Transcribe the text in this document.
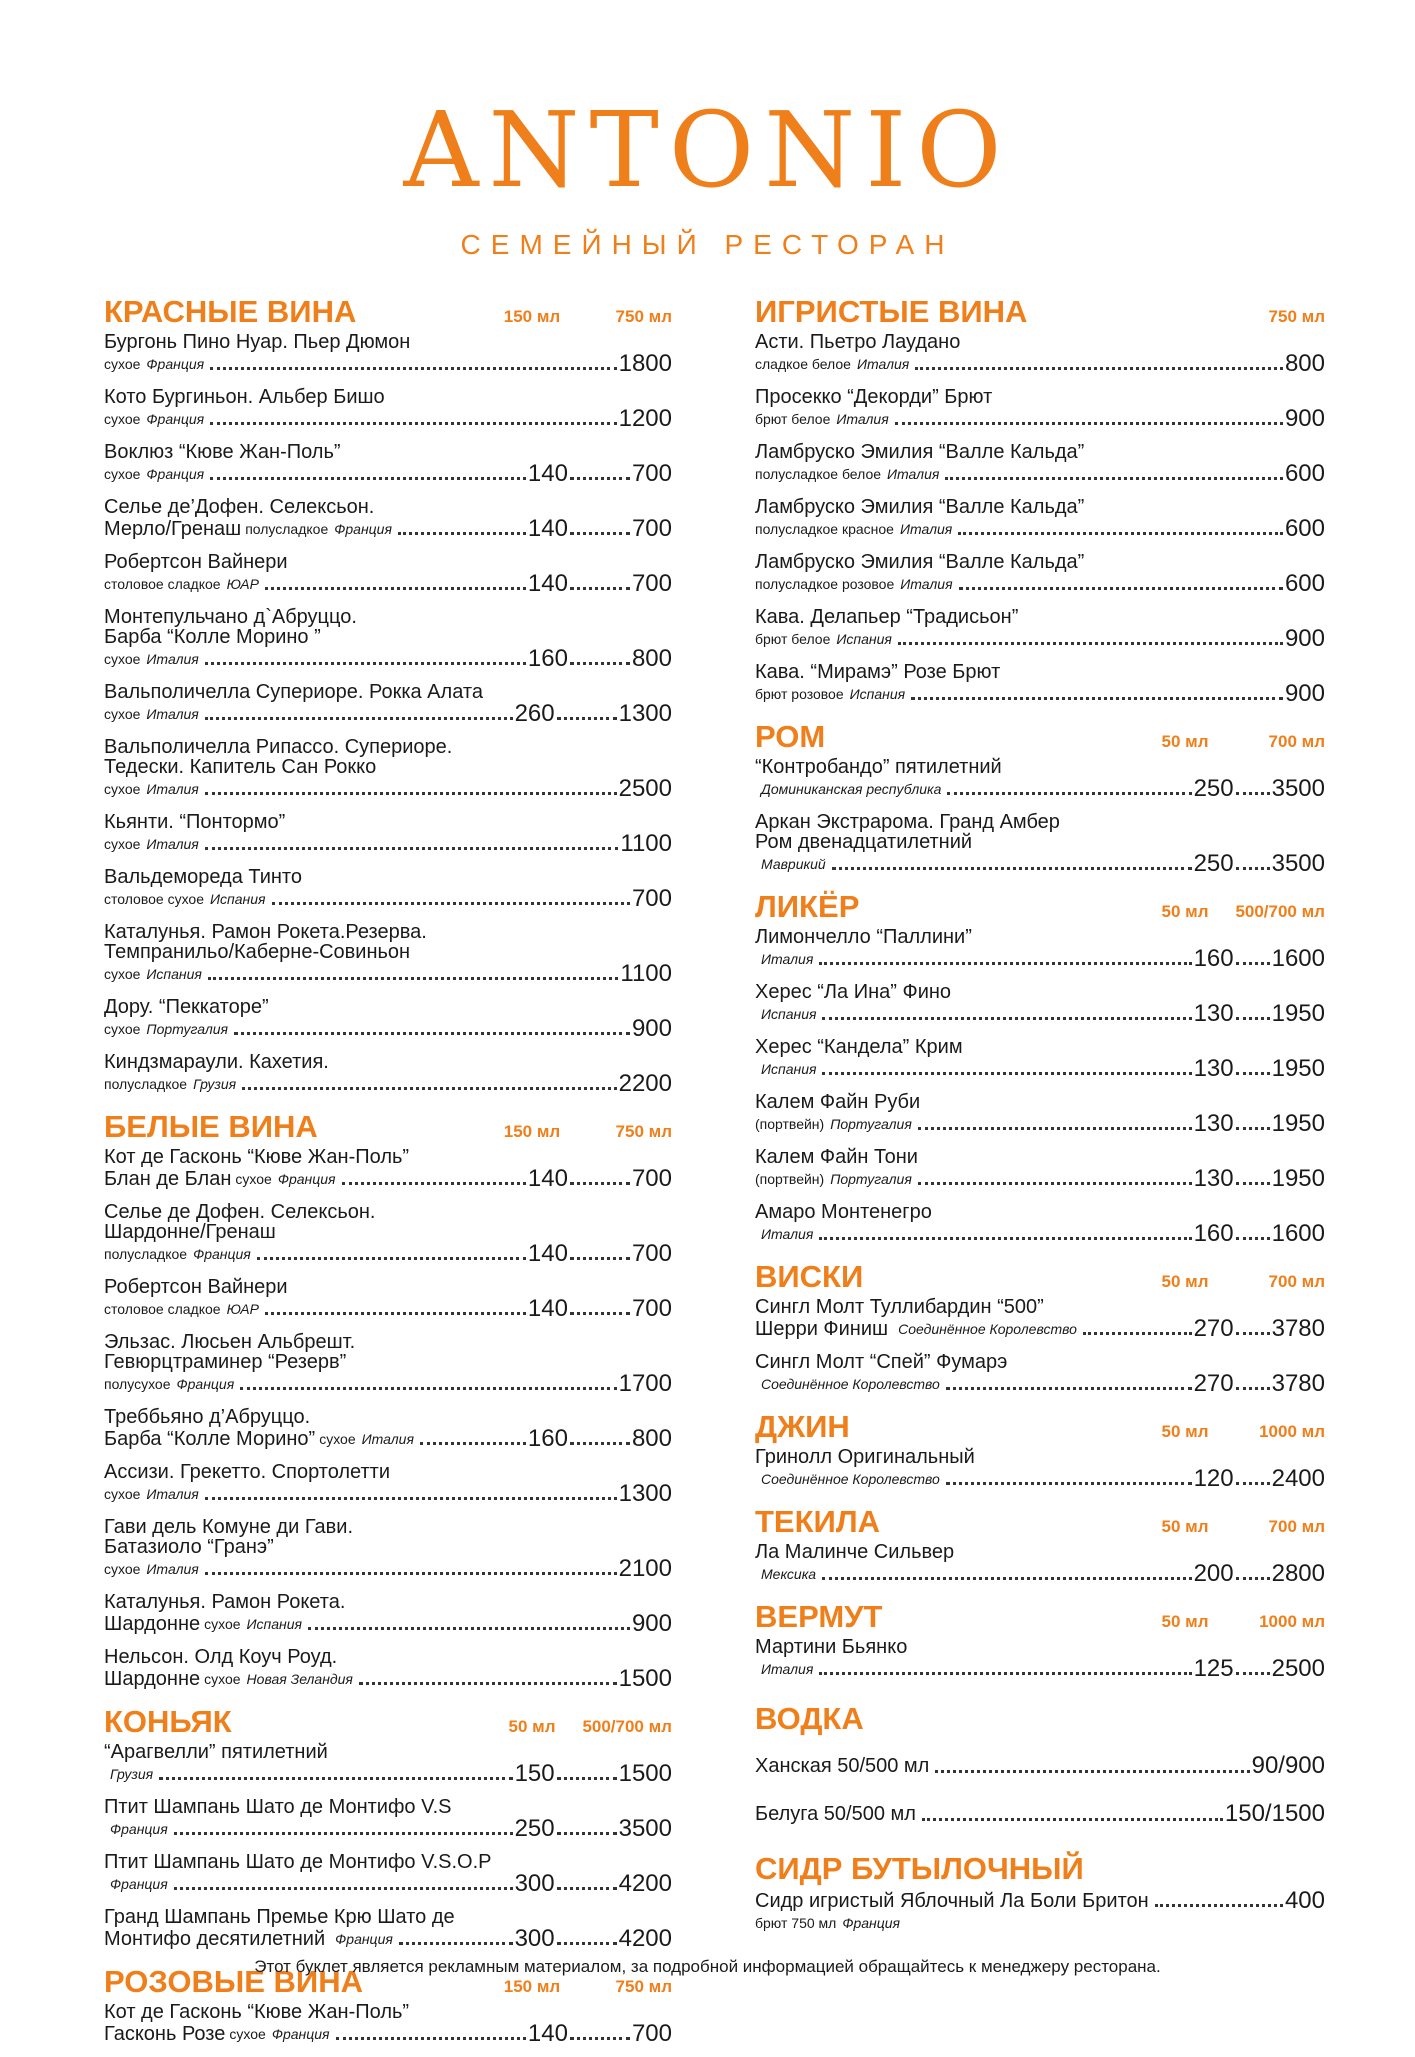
ANTONIO
СЕМЕЙНЫЙ РЕСТОРАН
КРАСНЫЕ ВИНА	150 мл	750 мл
Бургонь Пино Нуар. Пьер Дюмон
сухое Франция	1800
Кото Бургиньон. Альбер Бишо
сухое Франция	1200
Воклюз “Кюве Жан-Поль”
сухое Франция	140	700
Селье де’Дофен. Селексьон.
Мерло/Гренаш полусладкое Франция	140	700
Робертсон Вайнери
столовое сладкое ЮАР	140	700
Монтепульчано д`Абруццо.
Барба “Колле Морино ”
сухое Италия	160	800
Вальполичелла Супериоре. Рокка Алата
сухое Италия	260	1300
Вальполичелла Рипассо. Супериоре.
Тедески. Капитель Сан Рокко
сухое Италия	2500
Кьянти. “Понтормо”
сухое Италия	1100
Вальдемореда Тинто
столовое сухое Испания	700
Каталунья. Рамон Рокета.Резерва.
Темпранильо/Каберне-Совиньон
сухое Испания	1100
Дору. “Пеккаторе”
сухое Португалия	900
Киндзмараули. Кахетия.
полусладкое Грузия	2200
БЕЛЫЕ ВИНА	150 мл	750 мл
Кот де Гасконь “Кюве Жан-Поль”
Блан де Блан сухое Франция	140	700
Селье де Дофен. Селексьон.
Шардонне/Гренаш
полусладкое Франция	140	700
Робертсон Вайнери
столовое сладкое ЮАР	140	700
Эльзас. Люсьен Альбрешт.
Гевюрцтраминер “Резерв”
полусухое Франция	1700
Треббьяно д’Абруццо.
Барба “Колле Морино” сухое Италия	160	800
Ассизи. Грекетто. Спортолетти
сухое Италия	1300
Гави дель Комуне ди Гави.
Батазиоло “Гранэ”
сухое Италия	2100
Каталунья. Рамон Рокета.
Шардонне сухое Испания	900
Нельсон. Олд Коуч Роуд.
Шардонне сухое Новая Зеландия	1500
КОНЬЯК	50 мл	500/700 мл
“Арагвелли” пятилетний
Грузия	150	1500
Птит Шампань Шато де Монтифо V.S
Франция	250	3500
Птит Шампань Шато де Монтифо V.S.O.P
Франция	300	4200
Гранд Шампань Премье Крю Шато де
Монтифо десятилетний Франция	300	4200
РОЗОВЫЕ ВИНА	150 мл	750 мл
Кот де Гасконь “Кюве Жан-Поль”
Гасконь Розе сухое Франция	140	700
ИГРИСТЫЕ ВИНА	750 мл
Асти. Пьетро Лаудано
сладкое белое Италия	800
Просекко “Декорди” Брют
брют белое Италия	900
Ламбруско Эмилия “Валле Кальда”
полусладкое белое Италия	600
Ламбруско Эмилия “Валле Кальда”
полусладкое красное Италия	600
Ламбруско Эмилия “Валле Кальда”
полусладкое розовое Италия	600
Кава. Делапьер “Традисьон”
брют белое Испания	900
Кава. “Мирамэ” Розе Брют
брют розовое Испания	900
РОМ	50 мл	700 мл
“Контробандо” пятилетний
Доминиканская республика	250 3500
Аркан Экстрарома. Гранд Амбер
Ром двенадцатилетний
Маврикий	250 3500
ЛИКЁР	50 мл	500/700 мл
Лимончелло “Паллини”
Италия	160 1600
Херес “Ла Ина” Фино
Испания	130 1950
Херес “Кандела” Крим
Испания	130 1950
Калем Файн Руби
(портвейн) Португалия	130 1950
Калем Файн Тони
(портвейн) Португалия	130 1950
Амаро Монтенегро
Италия	160 1600
ВИСКИ	50 мл	700 мл
Сингл Молт Туллибардин “500”
Шерри Финиш Соединённое Королевство	270 3780
Сингл Молт “Спей” Фумарэ
Соединённое Королевство	270 3780
ДЖИН	50 мл	1000 мл
Гринолл Оригинальный
Соединённое Королевство	120 2400
ТЕКИЛА	50 мл	700 мл
Ла Малинче Сильвер
Мексика	200 2800
ВЕРМУТ	50 мл	1000 мл
Мартини Бьянко
Италия	125 2500
ВОДКА
Ханская 50/500 мл	90/900
Белуга 50/500 мл	150/1500
СИДР БУТЫЛОЧНЫЙ
Сидр игристый Яблочный Ла Боли Бритон	400
брют 750 мл Франция
Этот буклет является рекламным материалом, за подробной информацией обращайтесь к менеджеру ресторана.
